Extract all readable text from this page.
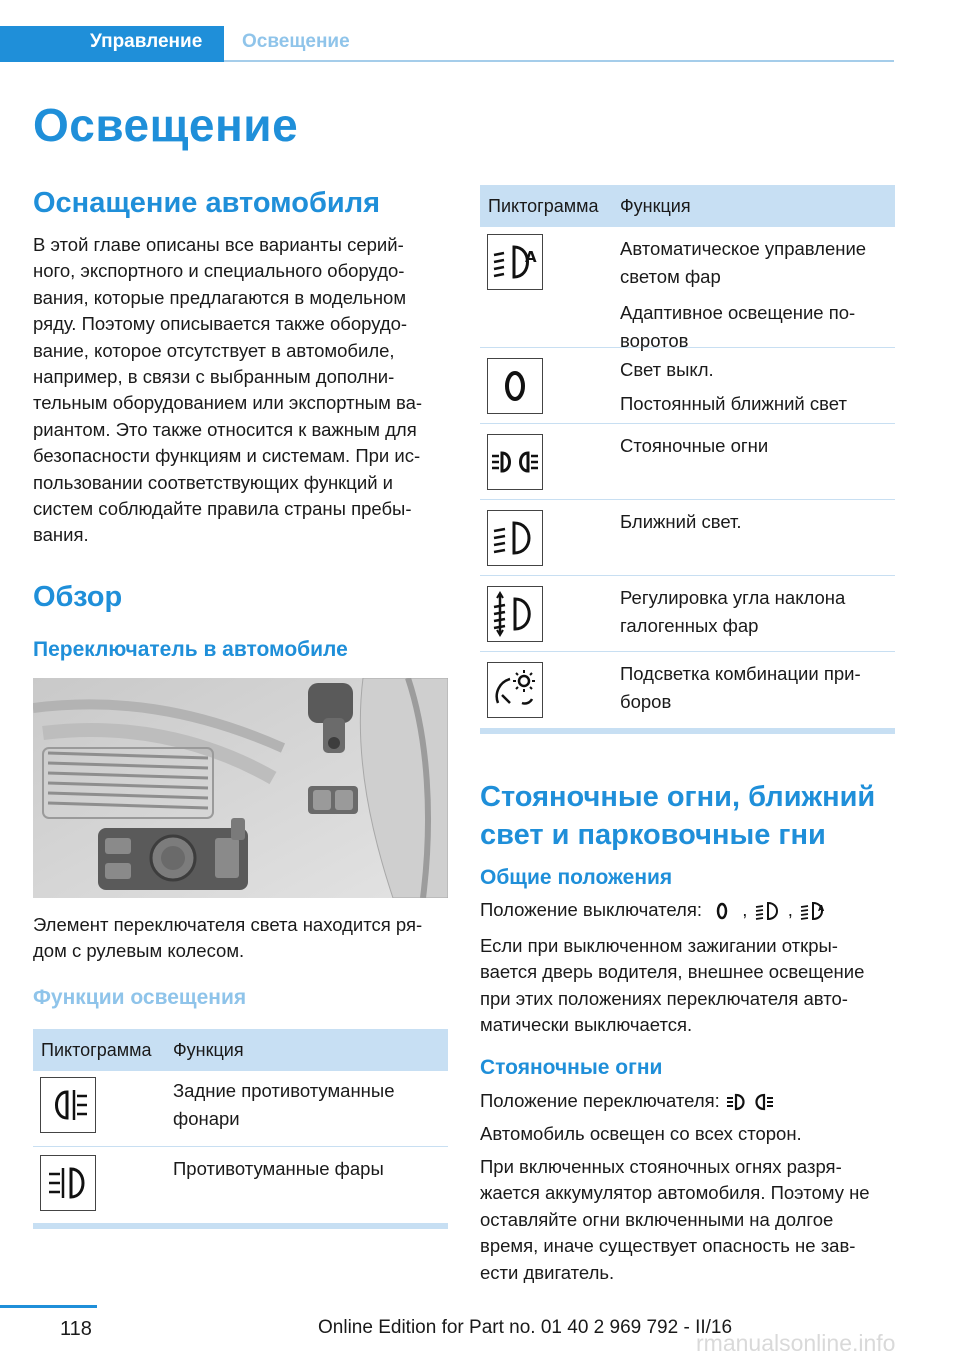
Управление Освещение
Освещение
Оснащение автомобиля
В этой главе описаны все варианты серий‐
ного, экспортного и специального оборудо‐
вания, которые предлагаются в модельном
ряду. Поэтому описывается также оборудо‐
вание, которое отсутствует в автомобиле,
например, в связи с выбранным дополни‐
тельным оборудованием или экспортным ва‐
риантом. Это также относится к важным для
безопасности функциям и системам. При ис‐
пользовании соответствующих функций и
систем соблюдайте правила страны пребы‐
вания.
Обзор
Переключатель в автомобиле
Элемент переключателя света находится ря‐
дом с рулевым колесом.
Функции освещения
Пиктограмма Функция
Задние противотуманные
фонари
Противотуманные фары
Пиктограмма Функция
A	Автоматическое управление
светом фар
Адаптивное освещение по‐
воротов
Свет выкл.
Постоянный ближний свет
Стояночные огни
Ближний свет.
Регулировка угла наклона
галогенных фар
Подсветка комбинации при‐
боров
Стояночные огни, ближний
свет и парковочные гни
Общие положения
Положение выключателя:  ,  ,	A
Если при выключенном зажигании откры‐
вается дверь водителя, внешнее освещение
при этих положениях переключателя авто‐
матически выключается.
Стояночные огни
Положение переключателя:
Автомобиль освещен со всех сторон.
При включенных стояночных огнях разря‐
жается аккумулятор автомобиля. Поэтому не
оставляйте огни включенными на долгое
время, иначе существует опасность не зав‐
ести двигатель.
118	Online Edition for Part no. 01 40 2 969 792 - II/16
rmanualsonline.info
